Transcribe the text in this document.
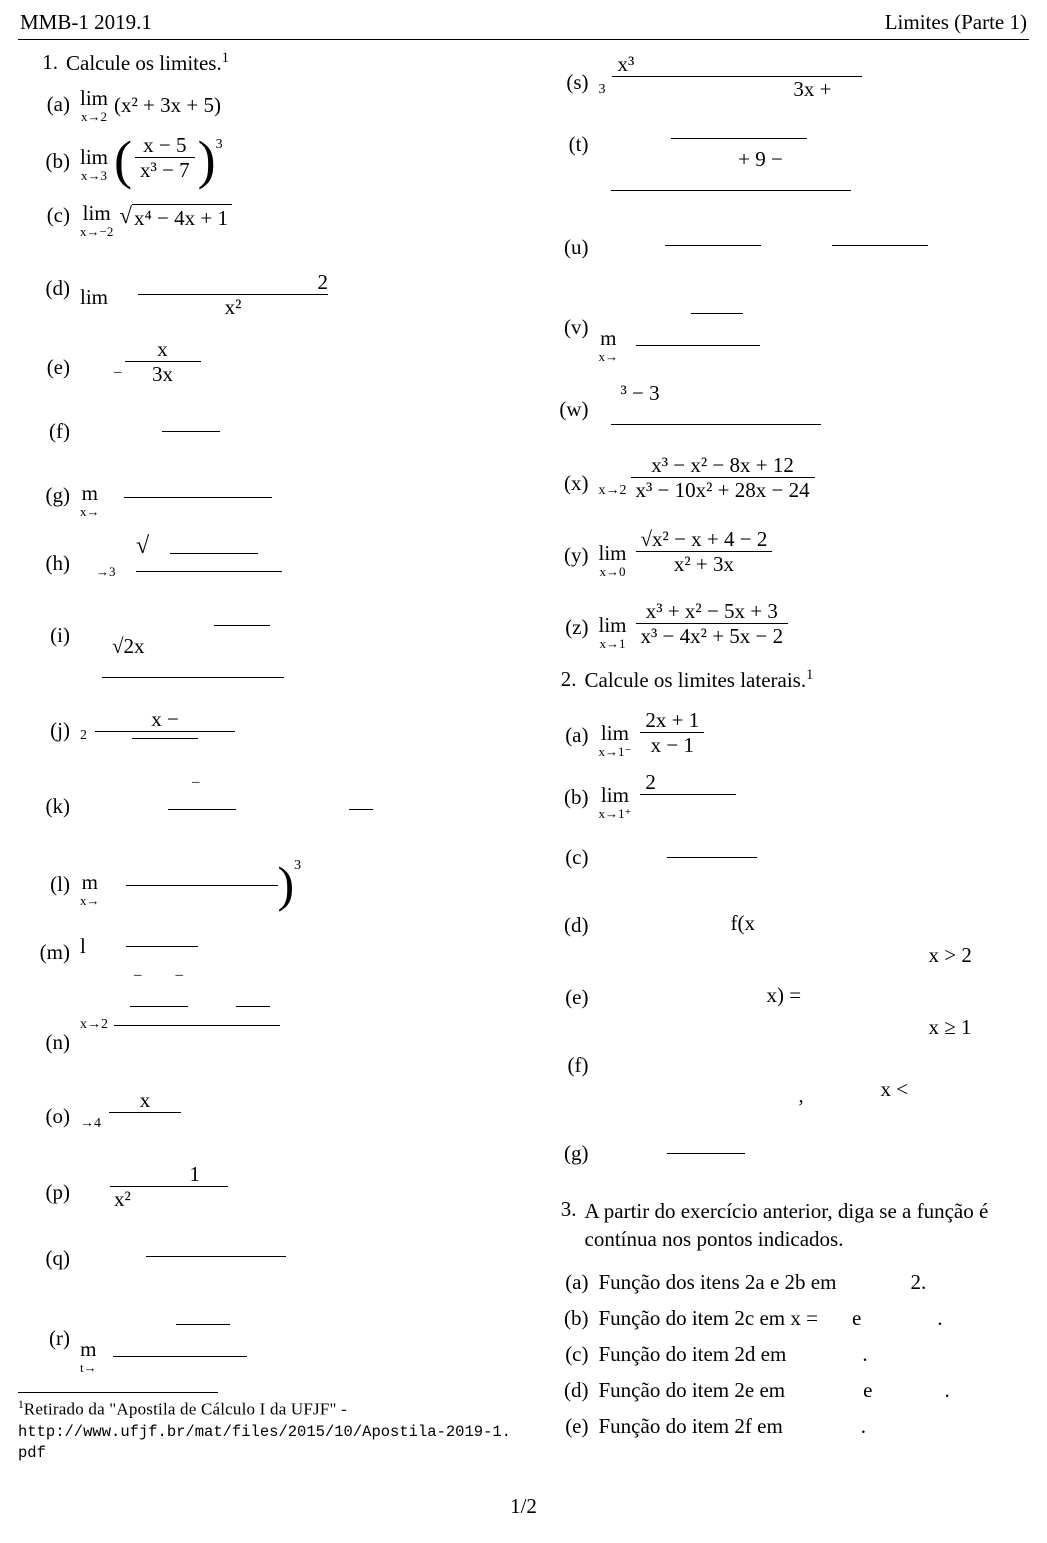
MMB-1 2019.1	Limites (Parte 1)
1. Calcule os limites.$^1$
(a) lim
x→2 (x² + 3x + 5)
(b) lim
x→3 ( $\frac{x - 5}{\text{x³ − 7}}$ ) 3
(c) lim
x→−2
√ x⁴ − 4x + 1
(d) $\lim \frac{2}{\text{x²}}$
(e)	– $\frac{x}{3x}$
(f)
(g) m
x→
(h)
√
→3
(i)	√2x
(j) 2
x −
(k)
–

(l) m
x→	) 3
(m) l
– –
(n)
x→2
(o) →4
x

(p)
1
x²
(q)
(r) m
t→
(s) 3
x³
3x +
(t)
+ 9 −
(u)

(v) m
x→
(w)
³ − 3
(x) $x\to 2 \frac{\text{x³ − x² − 8x + 12}}{\text{x³ − 10x² + 28x − 24}}$
(y) lim
$x\to 0 \frac{\text{√x² − x + 4 − 2}}{\text{x² + 3x}}$
(z) lim
$x\to 1 \frac{\text{x³ + x² − 5x + 3}}{\text{x³ − 4x² + 5x − 2}}$
2. Calcule os limites laterais.$^1$
(a) lim
$x\to 1^- \frac{2x + 1}{x - 1}$
(b) lim
x→1⁺
2

(c)
(d)	f(x
x > 2
(e)	x) =
x ≥ 1
(f)
,	x <
(g)
3. A partir do exercício anterior, diga se a função é contínua nos pontos indicados.
(a) Função dos itens 2a e 2b em	2.
(b) Função do item 2c em x = e	.
(c) Função do item 2d em	.
(d) Função do item 2e em	e	.
(e) Função do item 2f em	.
$^1$Retirado da "Apostila de Cálculo I da UFJF" -
http://www.ufjf.br/mat/files/2015/10/Apostila-2019-1.pdf
1/2
